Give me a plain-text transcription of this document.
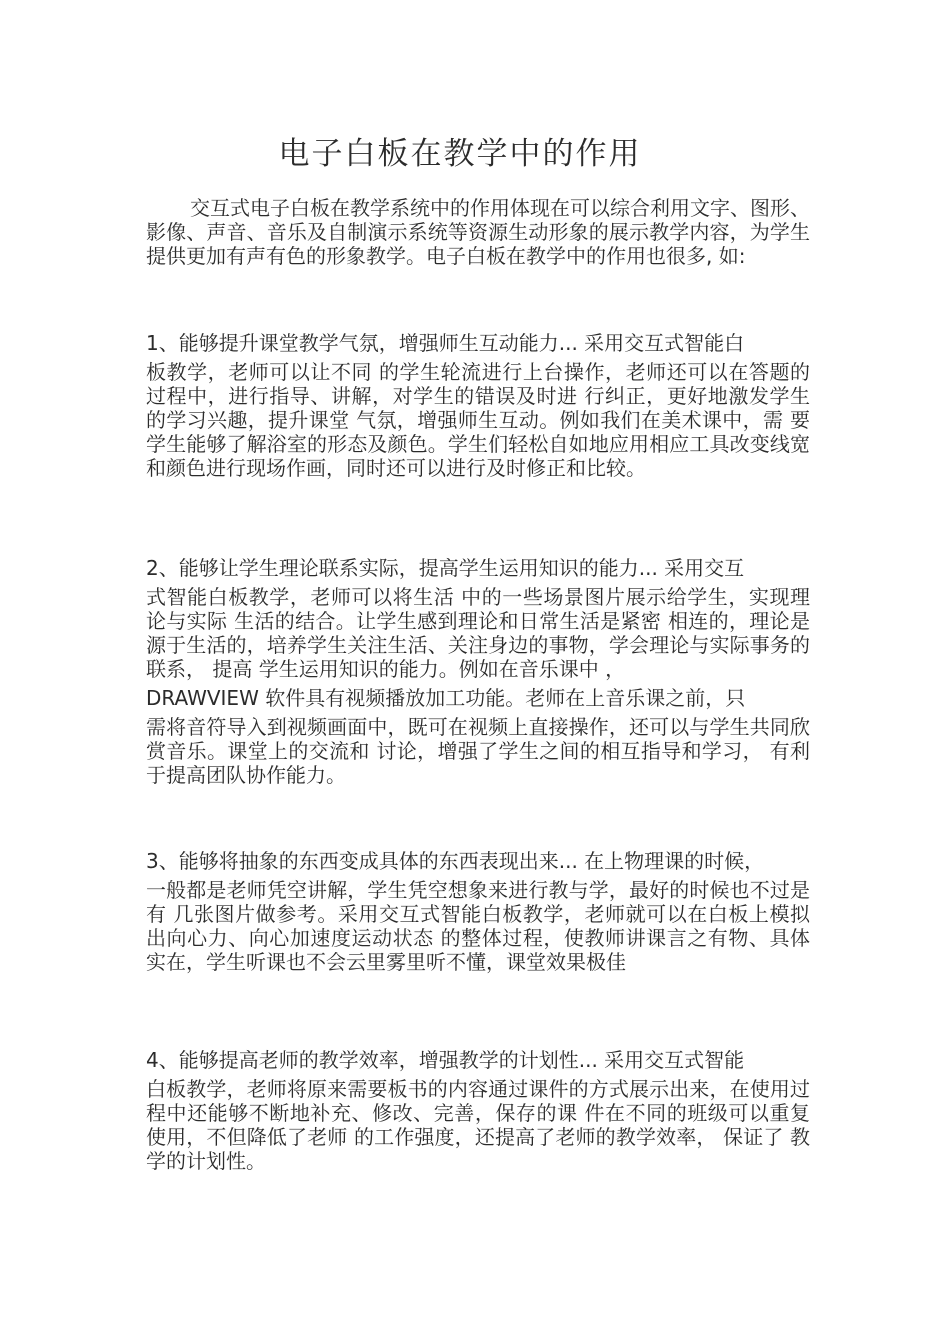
电子白板在教学中的作用

交互式电子白板在教学系统中的作用体现在可以综合利用文字、图形、影像、声音、音乐及自制演示系统等资源生动形象的展示教学内容，为学生提供更加有声有色的形象教学。电子白板在教学中的作用也很多, 如:

1、能够提升课堂教学气氛，增强师生互动能力... 采用交互式智能白
板教学，老师可以让不同 的学生轮流进行上台操作，老师还可以在答题的 过程中，进行指导、讲解，对学生的错误及时进 行纠正，更好地激发学生的学习兴趣，提升课堂 气氛，增强师生互动。例如我们在美术课中，需 要学生能够了解浴室的形态及颜色。学生们轻松自如地应用相应工具改变线宽和颜色进行现场作画，同时还可以进行及时修正和比较。
2、能够让学生理论联系实际，提高学生运用知识的能力... 采用交互
式智能白板教学，老师可以将生活 中的一些场景图片展示给学生，实现理论与实际 生活的结合。让学生感到理论和日常生活是紧密 相连的，理论是源于生活的，培养学生关注生活、关注身边的事物，学会理论与实际事务的联系， 提高 学生运用知识的能力。例如在音乐课中 ，
DRAWVIEW 软件具有视频播放加工功能。老师在上音乐课之前，只
需将音符导入到视频画面中，既可在视频上直接操作，还可以与学生共同欣赏音乐。课堂上的交流和 讨论，增强了学生之间的相互指导和学习， 有利于提高团队协作能力。
3、能够将抽象的东西变成具体的东西表现出来... 在上物理课的时候，
一般都是老师凭空讲解，学生凭空想象来进行教与学，最好的时候也不过是有 几张图片做参考。采用交互式智能白板教学，老师就可以在白板上模拟出向心力、向心加速度运动状态 的整体过程，使教师讲课言之有物、具体实在，学生听课也不会云里雾里听不懂，课堂效果极佳
4、能够提高老师的教学效率，增强教学的计划性... 采用交互式智能
白板教学，老师将原来需要板书的内容通过课件的方式展示出来，在使用过 程中还能够不断地补充、修改、完善，保存的课 件在不同的班级可以重复使用，不但降低了老师 的工作强度，还提高了老师的教学效率， 保证了 教学的计划性。
